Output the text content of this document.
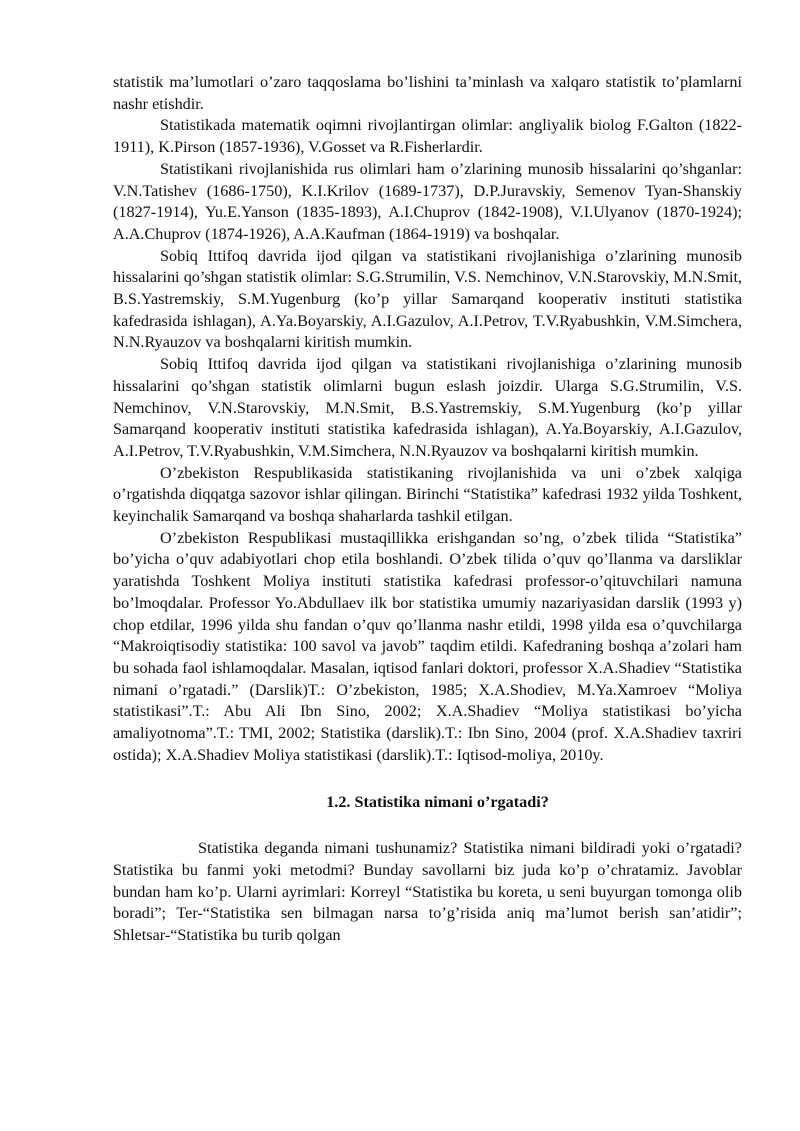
statistik ma’lumotlari o’zaro taqqoslama bo’lishini ta’minlash va xalqaro statistik to’plamlarni nashr etishdir.

Statistikada matematik oqimni rivojlantirgan olimlar: angliyalik biolog F.Galton (1822-1911), K.Pirson (1857-1936), V.Gosset va R.Fisherlardir.

Statistikani rivojlanishida rus olimlari ham o’zlarining munosib hissalarini qo’shganlar: V.N.Tatishev (1686-1750), K.I.Krilov (1689-1737), D.P.Juravskiy, Semenov Tyan-Shanskiy (1827-1914), Yu.E.Yanson (1835-1893), A.I.Chuprov (1842-1908), V.I.Ulyanov (1870-1924); A.A.Chuprov (1874-1926), A.A.Kaufman (1864-1919) va boshqalar.

Sobiq Ittifoq davrida ijod qilgan va statistikani rivojlanishiga o’zlarining munosib hissalarini qo’shgan statistik olimlar: S.G.Strumilin, V.S. Nemchinov, V.N.Starovskiy, M.N.Smit, B.S.Yastremskiy, S.M.Yugenburg (ko’p yillar Samarqand kooperativ instituti statistika kafedrasida ishlagan), A.Ya.Boyarskiy, A.I.Gazulov, A.I.Petrov, T.V.Ryabushkin, V.M.Simchera, N.N.Ryauzov va boshqalarni kiritish mumkin.

Sobiq Ittifoq davrida ijod qilgan va statistikani rivojlanishiga o’zlarining munosib hissalarini qo’shgan statistik olimlarni bugun eslash joizdir. Ularga S.G.Strumilin, V.S. Nemchinov, V.N.Starovskiy, M.N.Smit, B.S.Yastremskiy, S.M.Yugenburg (ko’p yillar Samarqand kooperativ instituti statistika kafedrasida ishlagan), A.Ya.Boyarskiy, A.I.Gazulov, A.I.Petrov, T.V.Ryabushkin, V.M.Simchera, N.N.Ryauzov va boshqalarni kiritish mumkin.

O’zbekiston Respublikasida statistikaning rivojlanishida va uni o’zbek xalqiga o’rgatishda diqqatga sazovor ishlar qilingan. Birinchi “Statistika” kafedrasi 1932 yilda Toshkent, keyinchalik Samarqand va boshqa shaharlarda tashkil etilgan.

O’zbekiston Respublikasi mustaqillikka erishgandan so’ng, o’zbek tilida “Statistika” bo’yicha o’quv adabiyotlari chop etila boshlandi. O’zbek tilida o’quv qo’llanma va darsliklar yaratishda Toshkent Moliya instituti statistika kafedrasi professor-o’qituvchilari namuna bo’lmoqdalar. Professor Yo.Abdullaev ilk bor statistika umumiy nazariyasidan darslik (1993 y) chop etdilar, 1996 yilda shu fandan o’quv qo’llanma nashr etildi, 1998 yilda esa o’quvchilarga “Makroiqtisodiy statistika: 100 savol va javob” taqdim etildi. Kafedraning boshqa a’zolari ham bu sohada faol ishlamoqdalar. Masalan, iqtisod fanlari doktori, professor X.A.Shadiev “Statistika nimani o’rgatadi.” (Darslik)T.: O’zbekiston, 1985; X.A.Shodiev, M.Ya.Xamroev “Moliya statistikasi”.T.: Abu Ali Ibn Sino, 2002; X.A.Shadiev “Moliya statistikasi bo’yicha amaliyotnoma”.T.: TMI, 2002; Statistika (darslik).T.: Ibn Sino, 2004 (prof. X.A.Shadiev taxriri ostida); X.A.Shadiev Moliya statistikasi (darslik).T.: Iqtisod-moliya, 2010y.

1.2. Statistika nimani o’rgatadi?

Statistika deganda nimani tushunamiz? Statistika nimani bildiradi yoki o’rgatadi? Statistika bu fanmi yoki metodmi? Bunday savollarni biz juda ko’p o’chratamiz. Javoblar bundan ham ko’p. Ularni ayrimlari: Korreyl “Statistika bu koreta, u seni buyurgan tomonga olib boradi”; Ter-“Statistika sen bilmagan narsa to’g’risida aniq ma’lumot berish san’atidir”; Shletsar-“Statistika bu turib qolgan
